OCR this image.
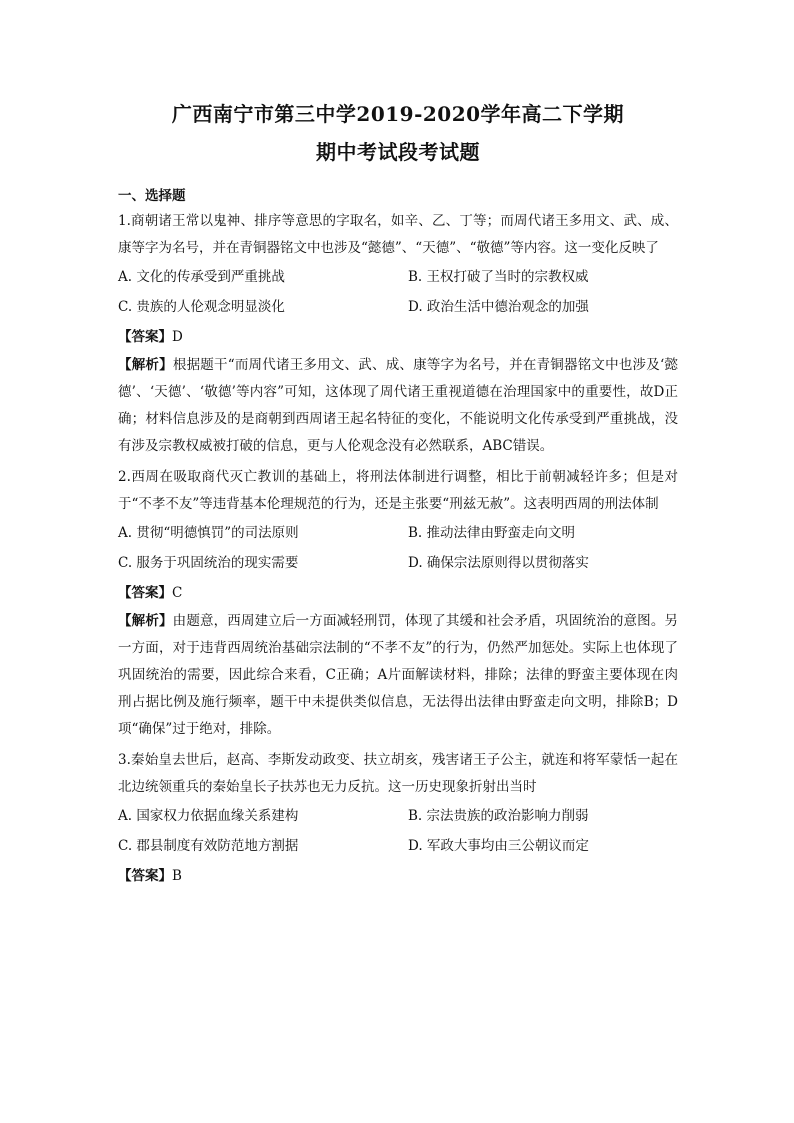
广西南宁市第三中学2019-2020学年高二下学期
期中考试段考试题
一、选择题
1.商朝诸王常以鬼神、排序等意思的字取名，如辛、乙、丁等；而周代诸王多用文、武、成、康等字为名号，并在青铜器铭文中也涉及“懿德”、“天德”、“敬德”等内容。这一变化反映了
A. 文化的传承受到严重挑战	B. 王权打破了当时的宗教权威
C. 贵族的人伦观念明显淡化	D. 政治生活中德治观念的加强
【答案】D
【解析】根据题干“而周代诸王多用文、武、成、康等字为名号，并在青铜器铭文中也涉及‘懿德’、‘天德’、‘敬德’等内容”可知，这体现了周代诸王重视道德在治理国家中的重要性，故D正确；材料信息涉及的是商朝到西周诸王起名特征的变化，不能说明文化传承受到严重挑战，没有涉及宗教权威被打破的信息，更与人伦观念没有必然联系，ABC错误。
2.西周在吸取商代灭亡教训的基础上，将刑法体制进行调整，相比于前朝减轻许多；但是对于“不孝不友”等违背基本伦理规范的行为，还是主张要“刑兹无赦”。这表明西周的刑法体制
A. 贯彻“明德慎罚”的司法原则	B. 推动法律由野蛮走向文明
C. 服务于巩固统治的现实需要	D. 确保宗法原则得以贯彻落实
【答案】C
【解析】由题意，西周建立后一方面减轻刑罚，体现了其缓和社会矛盾，巩固统治的意图。另一方面，对于违背西周统治基础宗法制的“不孝不友”的行为，仍然严加惩处。实际上也体现了巩固统治的需要，因此综合来看，C正确；A片面解读材料，排除；法律的野蛮主要体现在肉刑占据比例及施行频率，题干中未提供类似信息，无法得出法律由野蛮走向文明，排除B；D项“确保”过于绝对，排除。
3.秦始皇去世后，赵高、李斯发动政变、扶立胡亥，残害诸王子公主，就连和将军蒙恬一起在北边统领重兵的秦始皇长子扶苏也无力反抗。这一历史现象折射出当时
A. 国家权力依据血缘关系建构	B. 宗法贵族的政治影响力削弱
C. 郡县制度有效防范地方割据	D. 军政大事均由三公朝议而定
【答案】B
